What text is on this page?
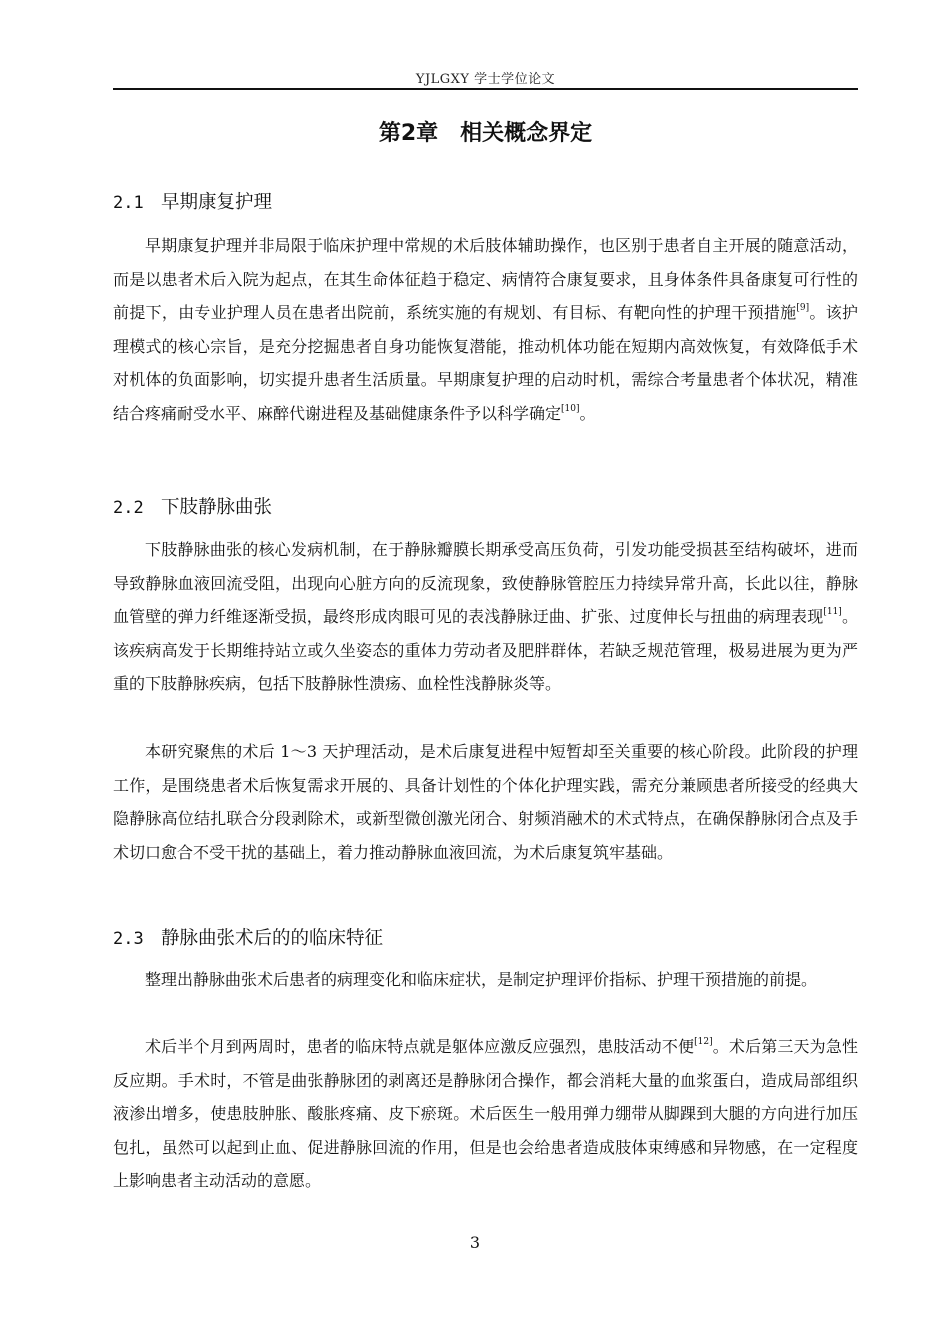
YJLGXY 学士学位论文
第2章 相关概念界定
2.1 早期康复护理

早期康复护理并非局限于临床护理中常规的术后肢体辅助操作，也区别于患者自主开展的随意活动，而是以患者术后入院为起点，在其生命体征趋于稳定、病情符合康复要求，且身体条件具备康复可行性的前提下，由专业护理人员在患者出院前，系统实施的有规划、有目标、有靶向性的护理干预措施[9]。该护理模式的核心宗旨，是充分挖掘患者自身功能恢复潜能，推动机体功能在短期内高效恢复，有效降低手术对机体的负面影响，切实提升患者生活质量。早期康复护理的启动时机，需综合考量患者个体状况，精准结合疼痛耐受水平、麻醉代谢进程及基础健康条件予以科学确定[10]。

2.2 下肢静脉曲张

下肢静脉曲张的核心发病机制，在于静脉瓣膜长期承受高压负荷，引发功能受损甚至结构破坏，进而导致静脉血液回流受阻，出现向心脏方向的反流现象，致使静脉管腔压力持续异常升高，长此以往，静脉血管壁的弹力纤维逐渐受损，最终形成肉眼可见的表浅静脉迂曲、扩张、过度伸长与扭曲的病理表现[11]。该疾病高发于长期维持站立或久坐姿态的重体力劳动者及肥胖群体，若缺乏规范管理，极易进展为更为严重的下肢静脉疾病，包括下肢静脉性溃疡、血栓性浅静脉炎等。

本研究聚焦的术后 1～3 天护理活动，是术后康复进程中短暂却至关重要的核心阶段。此阶段的护理工作，是围绕患者术后恢复需求开展的、具备计划性的个体化护理实践，需充分兼顾患者所接受的经典大隐静脉高位结扎联合分段剥除术，或新型微创激光闭合、射频消融术的术式特点，在确保静脉闭合点及手术切口愈合不受干扰的基础上，着力推动静脉血液回流，为术后康复筑牢基础。

2.3 静脉曲张术后的的临床特征

整理出静脉曲张术后患者的病理变化和临床症状，是制定护理评价指标、护理干预措施的前提。

术后半个月到两周时，患者的临床特点就是躯体应激反应强烈，患肢活动不便[12]。术后第三天为急性反应期。手术时，不管是曲张静脉团的剥离还是静脉闭合操作，都会消耗大量的血浆蛋白，造成局部组织液渗出增多，使患肢肿胀、酸胀疼痛、皮下瘀斑。术后医生一般用弹力绷带从脚踝到大腿的方向进行加压包扎，虽然可以起到止血、促进静脉回流的作用，但是也会给患者造成肢体束缚感和异物感，在一定程度上影响患者主动活动的意愿。

3
